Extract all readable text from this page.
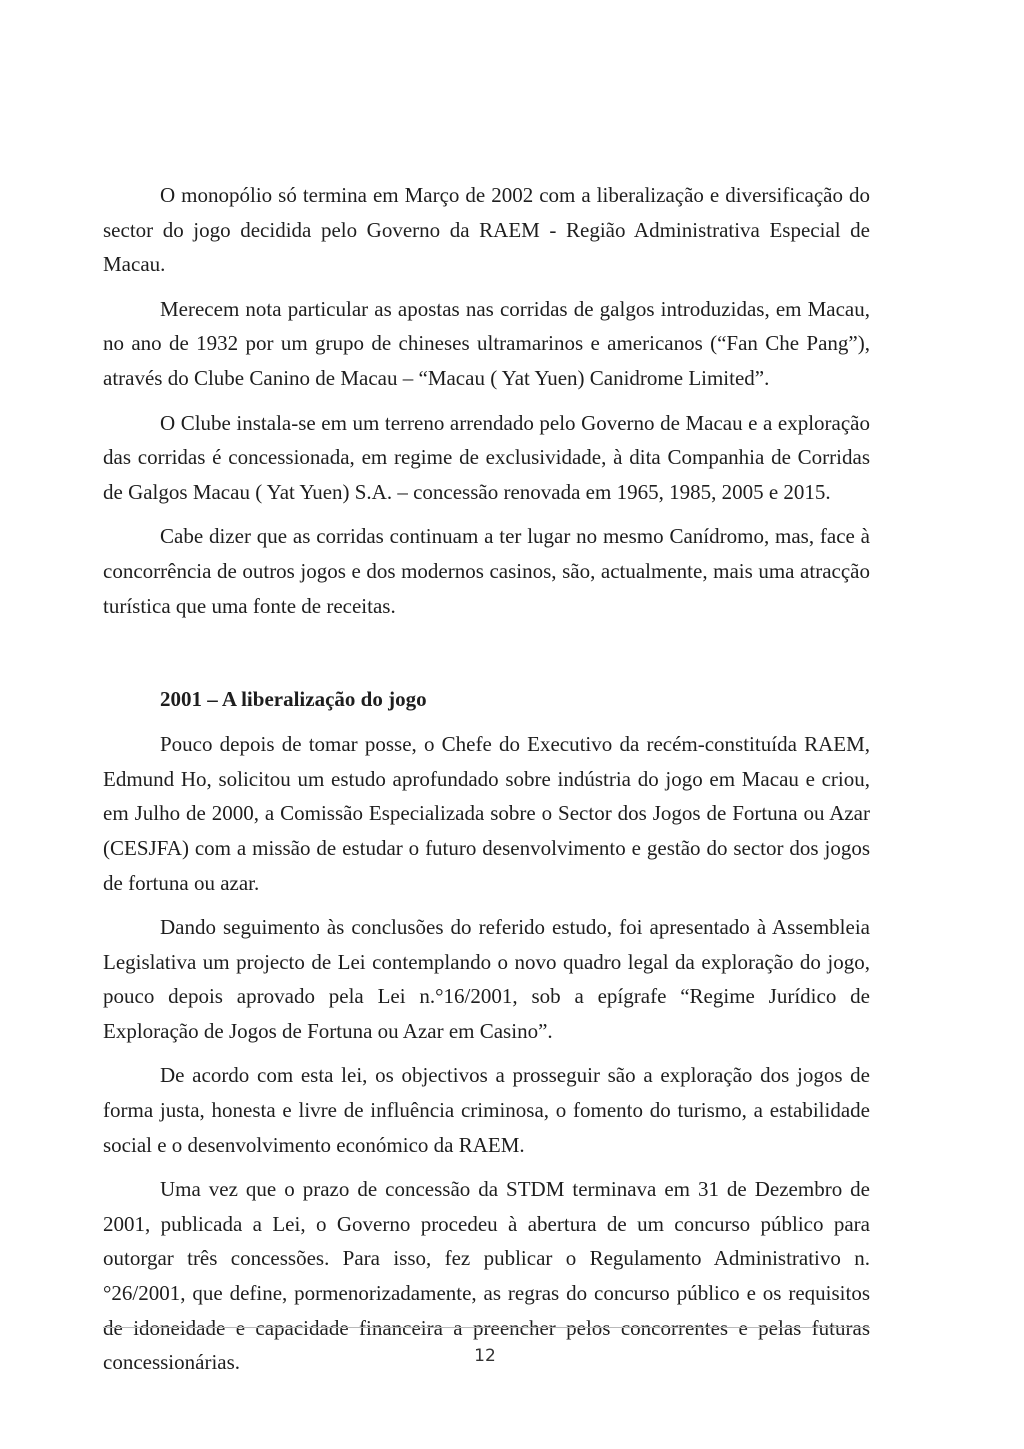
O monopólio só termina em Março de 2002 com a liberalização e diversificação do sector do jogo decidida pelo Governo da RAEM - Região Administrativa Especial de Macau.

Merecem nota particular as apostas nas corridas de galgos introduzidas, em Macau, no ano de 1932 por um grupo de chineses ultramarinos e americanos (“Fan Che Pang”), através do Clube Canino de Macau – “Macau ( Yat Yuen) Canidrome Limited”.

O Clube instala-se em um terreno arrendado pelo Governo de Macau e a exploração das corridas é concessionada, em regime de exclusividade, à dita Companhia de Corridas de Galgos Macau ( Yat Yuen) S.A. – concessão renovada em 1965, 1985, 2005 e 2015.

Cabe dizer que as corridas continuam a ter lugar no mesmo Canídromo, mas, face à concorrência de outros jogos e dos modernos casinos, são, actualmente, mais uma atracção turística que uma fonte de receitas.

2001 – A liberalização do jogo

Pouco depois de tomar posse, o Chefe do Executivo da recém-constituída RAEM, Edmund Ho, solicitou um estudo aprofundado sobre indústria do jogo em Macau e criou, em Julho de 2000, a Comissão Especializada sobre o Sector dos Jogos de Fortuna ou Azar (CESJFA) com a missão de estudar o futuro desenvolvimento e gestão do sector dos jogos de fortuna ou azar.

Dando seguimento às conclusões do referido estudo, foi apresentado à Assembleia Legislativa um projecto de Lei contemplando o novo quadro legal da exploração do jogo, pouco depois aprovado pela Lei n.°16/2001, sob a epígrafe “Regime Jurídico de Exploração de Jogos de Fortuna ou Azar em Casino”.

De acordo com esta lei, os objectivos a prosseguir são a exploração dos jogos de forma justa, honesta e livre de influência criminosa, o fomento do turismo, a estabilidade social e o desenvolvimento económico da RAEM.

Uma vez que o prazo de concessão da STDM terminava em 31 de Dezembro de 2001, publicada a Lei, o Governo procedeu à abertura de um concurso público para outorgar três concessões. Para isso, fez publicar o Regulamento Administrativo n.°26/2001, que define, pormenorizadamente, as regras do concurso público e os requisitos de idoneidade e capacidade financeira a preencher pelos concorrentes e pelas futuras concessionárias.	12
